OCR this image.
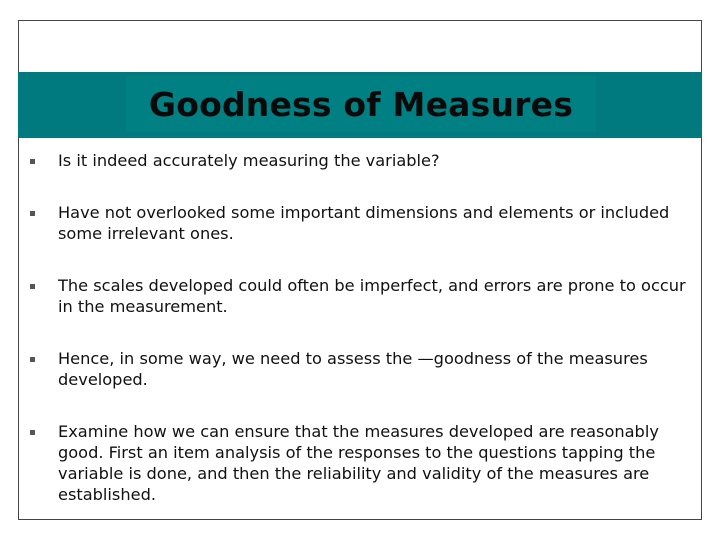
Goodness of Measures
Is it indeed accurately measuring the variable?
Have not overlooked some important dimensions and elements or included some irrelevant ones.
The scales developed could often be imperfect, and errors are prone to occur in the measurement.
Hence, in some way, we need to assess the —goodness of the measures developed.
Examine how we can ensure that the measures developed are reasonably good. First an item analysis of the responses to the questions tapping the variable is done, and then the reliability and validity of the measures are established.
